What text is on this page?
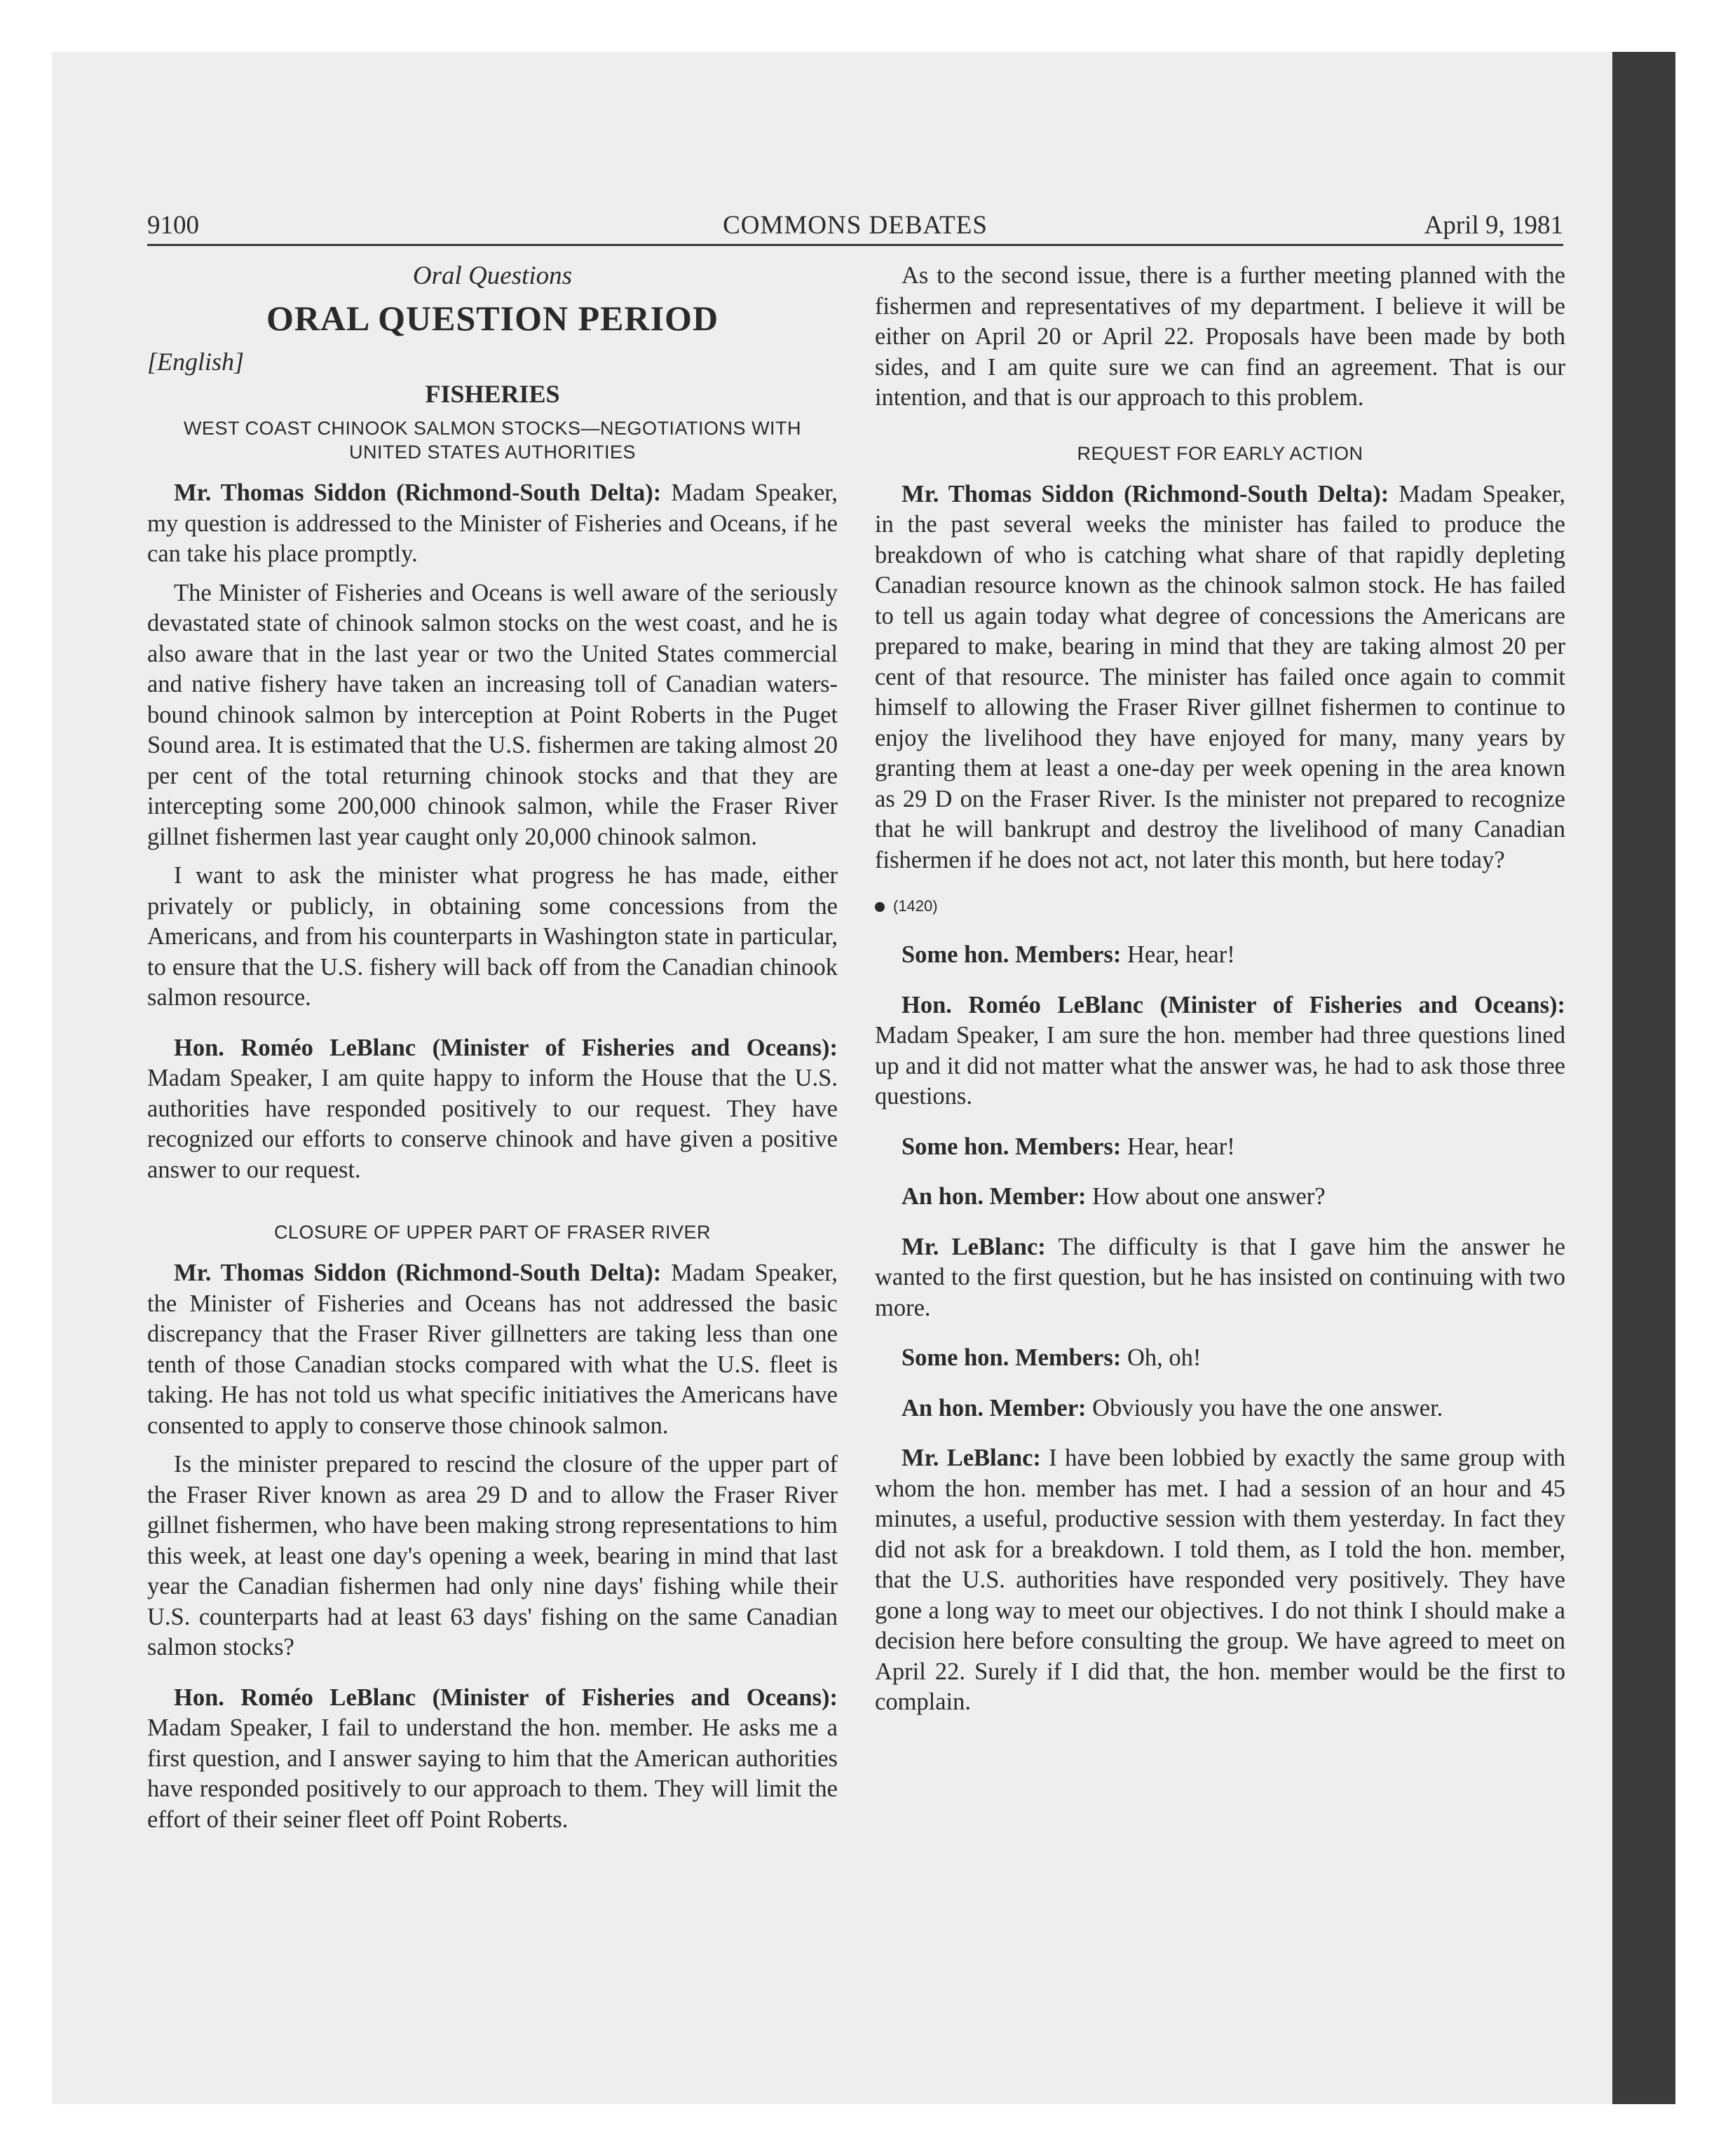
9100	COMMONS DEBATES	April 9, 1981
Oral Questions
ORAL QUESTION PERIOD
[English]
FISHERIES
WEST COAST CHINOOK SALMON STOCKS—NEGOTIATIONS WITH UNITED STATES AUTHORITIES

Mr. Thomas Siddon (Richmond-South Delta): Madam Speaker, my question is addressed to the Minister of Fisheries and Oceans, if he can take his place promptly.

The Minister of Fisheries and Oceans is well aware of the seriously devastated state of chinook salmon stocks on the west coast, and he is also aware that in the last year or two the United States commercial and native fishery have taken an increasing toll of Canadian waters-bound chinook salmon by interception at Point Roberts in the Puget Sound area. It is estimated that the U.S. fishermen are taking almost 20 per cent of the total returning chinook stocks and that they are intercepting some 200,000 chinook salmon, while the Fraser River gillnet fishermen last year caught only 20,000 chinook salmon.

I want to ask the minister what progress he has made, either privately or publicly, in obtaining some concessions from the Americans, and from his counterparts in Washington state in particular, to ensure that the U.S. fishery will back off from the Canadian chinook salmon resource.

Hon. Roméo LeBlanc (Minister of Fisheries and Oceans): Madam Speaker, I am quite happy to inform the House that the U.S. authorities have responded positively to our request. They have recognized our efforts to conserve chinook and have given a positive answer to our request.

CLOSURE OF UPPER PART OF FRASER RIVER

Mr. Thomas Siddon (Richmond-South Delta): Madam Speaker, the Minister of Fisheries and Oceans has not addressed the basic discrepancy that the Fraser River gillnetters are taking less than one tenth of those Canadian stocks compared with what the U.S. fleet is taking. He has not told us what specific initiatives the Americans have consented to apply to conserve those chinook salmon.

Is the minister prepared to rescind the closure of the upper part of the Fraser River known as area 29 D and to allow the Fraser River gillnet fishermen, who have been making strong representations to him this week, at least one day's opening a week, bearing in mind that last year the Canadian fishermen had only nine days' fishing while their U.S. counterparts had at least 63 days' fishing on the same Canadian salmon stocks?

Hon. Roméo LeBlanc (Minister of Fisheries and Oceans): Madam Speaker, I fail to understand the hon. member. He asks me a first question, and I answer saying to him that the American authorities have responded positively to our approach to them. They will limit the effort of their seiner fleet off Point Roberts.

As to the second issue, there is a further meeting planned with the fishermen and representatives of my department. I believe it will be either on April 20 or April 22. Proposals have been made by both sides, and I am quite sure we can find an agreement. That is our intention, and that is our approach to this problem.

REQUEST FOR EARLY ACTION

Mr. Thomas Siddon (Richmond-South Delta): Madam Speaker, in the past several weeks the minister has failed to produce the breakdown of who is catching what share of that rapidly depleting Canadian resource known as the chinook salmon stock. He has failed to tell us again today what degree of concessions the Americans are prepared to make, bearing in mind that they are taking almost 20 per cent of that resource. The minister has failed once again to commit himself to allowing the Fraser River gillnet fishermen to continue to enjoy the livelihood they have enjoyed for many, many years by granting them at least a one-day per week opening in the area known as 29 D on the Fraser River. Is the minister not prepared to recognize that he will bankrupt and destroy the livelihood of many Canadian fishermen if he does not act, not later this month, but here today?

(1420)

Some hon. Members: Hear, hear!

Hon. Roméo LeBlanc (Minister of Fisheries and Oceans): Madam Speaker, I am sure the hon. member had three questions lined up and it did not matter what the answer was, he had to ask those three questions.

Some hon. Members: Hear, hear!

An hon. Member: How about one answer?

Mr. LeBlanc: The difficulty is that I gave him the answer he wanted to the first question, but he has insisted on continuing with two more.

Some hon. Members: Oh, oh!

An hon. Member: Obviously you have the one answer.

Mr. LeBlanc: I have been lobbied by exactly the same group with whom the hon. member has met. I had a session of an hour and 45 minutes, a useful, productive session with them yesterday. In fact they did not ask for a breakdown. I told them, as I told the hon. member, that the U.S. authorities have responded very positively. They have gone a long way to meet our objectives. I do not think I should make a decision here before consulting the group. We have agreed to meet on April 22. Surely if I did that, the hon. member would be the first to complain.
